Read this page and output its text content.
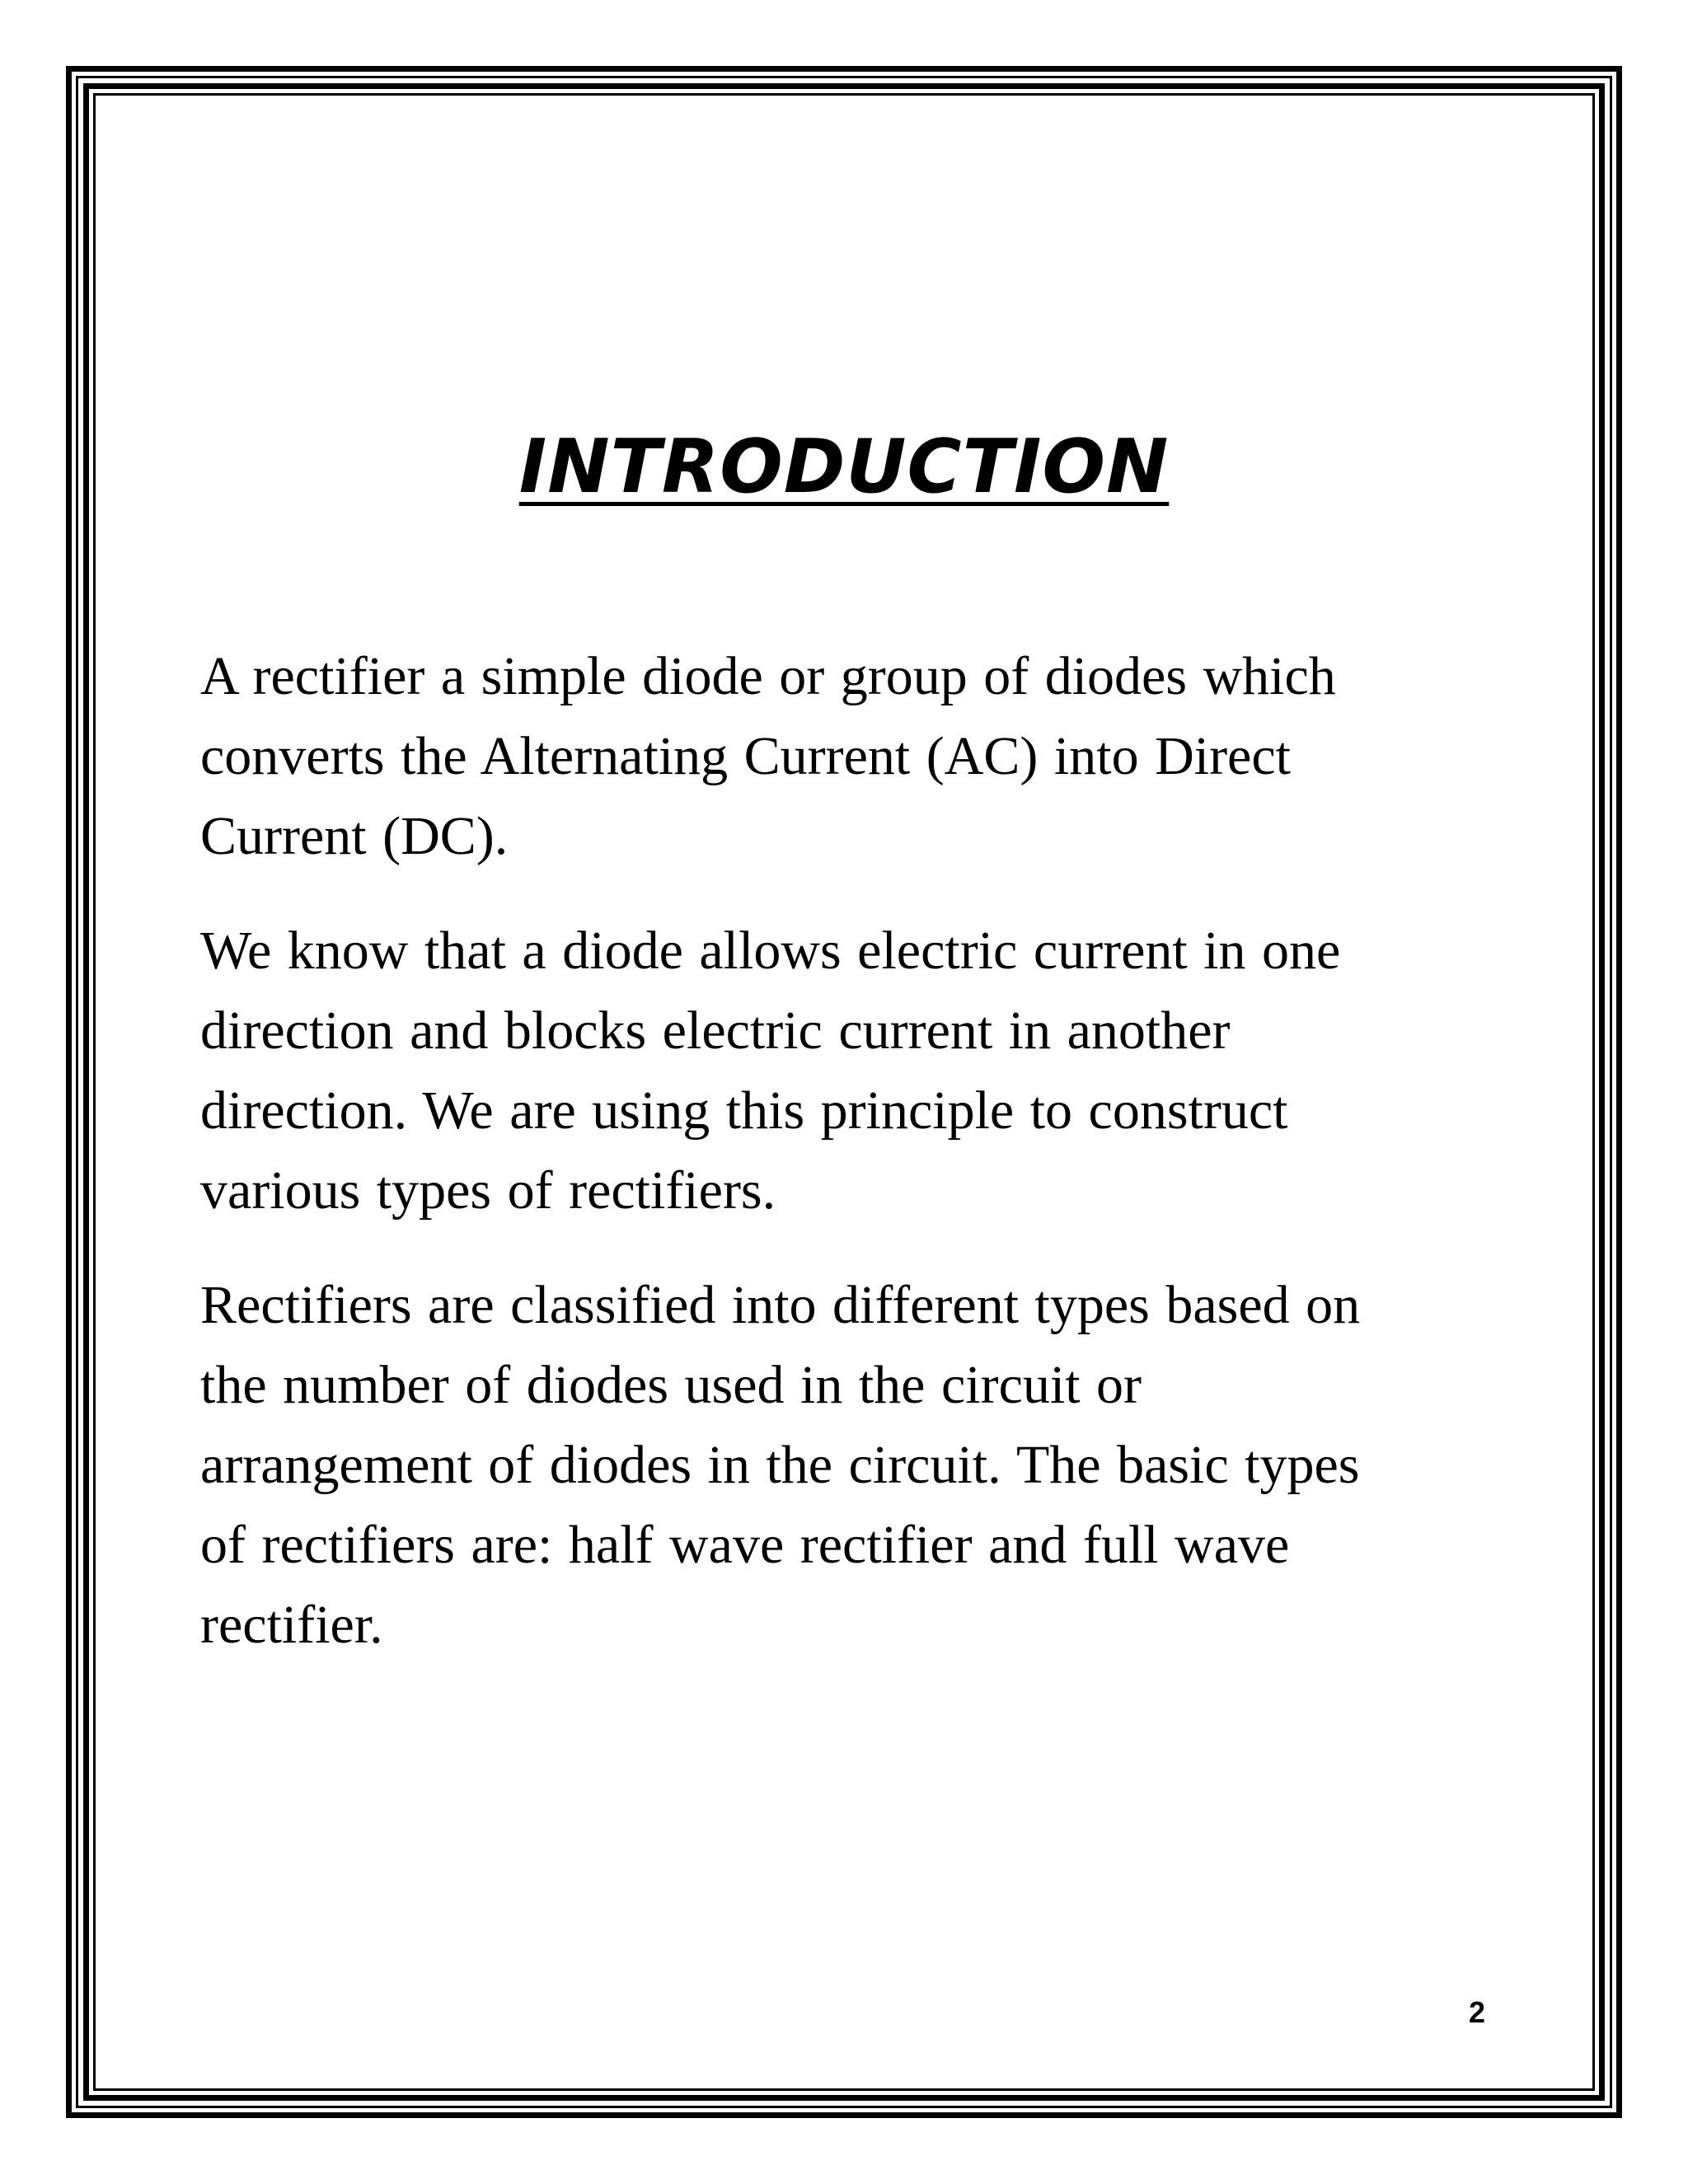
INTRODUCTION

A rectifier a simple diode or group of diodes which
converts the Alternating Current (AC) into Direct
Current (DC).

We know that a diode allows electric current in one
direction and blocks electric current in another
direction. We are using this principle to construct
various types of rectifiers.

Rectifiers are classified into different types based on
the number of diodes used in the circuit or
arrangement of diodes in the circuit. The basic types
of rectifiers are: half wave rectifier and full wave
rectifier.

2
